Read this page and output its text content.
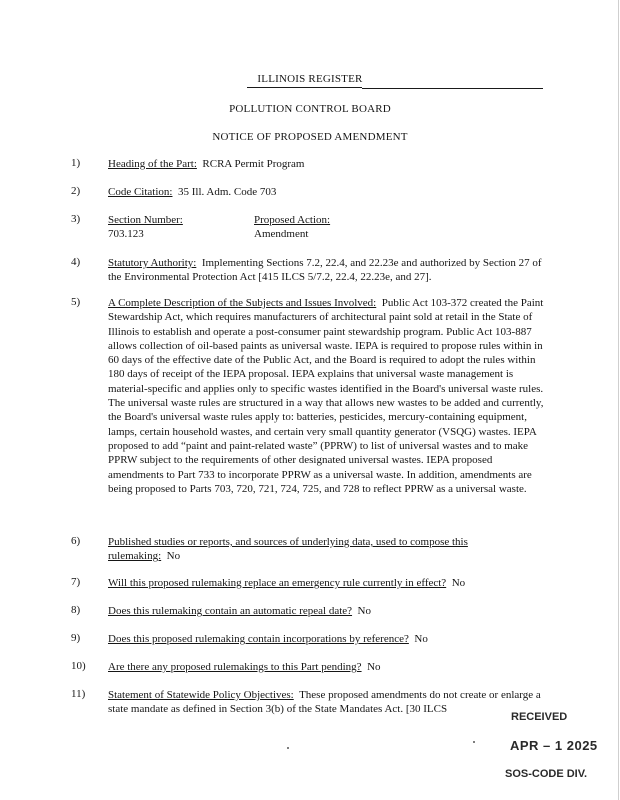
ILLINOIS REGISTER
POLLUTION CONTROL BOARD
NOTICE OF PROPOSED AMENDMENT
1)	Heading of the Part: RCRA Permit Program
2)	Code Citation: 35 Ill. Adm. Code 703
3)	Section Number:
703.123
Proposed Action:
Amendment
4)	Statutory Authority: Implementing Sections 7.2, 22.4, and 22.23e and authorized by Section 27 of the Environmental Protection Act [415 ILCS 5/7.2, 22.4, 22.23e, and 27].
5)	A Complete Description of the Subjects and Issues Involved: Public Act 103-372 created the Paint Stewardship Act, which requires manufacturers of architectural paint sold at retail in the State of Illinois to establish and operate a post-consumer paint stewardship program. Public Act 103-887 allows collection of oil-based paints as universal waste. IEPA is required to propose rules within in 60 days of the effective date of the Public Act, and the Board is required to adopt the rules within 180 days of receipt of the IEPA proposal. IEPA explains that universal waste management is material-specific and applies only to specific wastes identified in the Board's universal waste rules. The universal waste rules are structured in a way that allows new wastes to be added and currently, the Board's universal waste rules apply to: batteries, pesticides, mercury-containing equipment, lamps, certain household wastes, and certain very small quantity generator (VSQG) wastes. IEPA proposed to add “paint and paint-related waste” (PPRW) to list of universal wastes and to make PPRW subject to the requirements of other designated universal wastes. IEPA proposed amendments to Part 733 to incorporate PPRW as a universal waste. In addition, amendments are being proposed to Parts 703, 720, 721, 724, 725, and 728 to reflect PPRW as a universal waste.
6)	Published studies or reports, and sources of underlying data, used to compose this rulemaking: No
7)	Will this proposed rulemaking replace an emergency rule currently in effect? No
8)	Does this rulemaking contain an automatic repeal date? No
9)	Does this proposed rulemaking contain incorporations by reference? No
10) Are there any proposed rulemakings to this Part pending? No
11) Statement of Statewide Policy Objectives: These proposed amendments do not create or enlarge a state mandate as defined in Section 3(b) of the State Mandates Act. [30 ILCS
RECEIVED
APR – 1 2025
SOS-CODE DIV.
